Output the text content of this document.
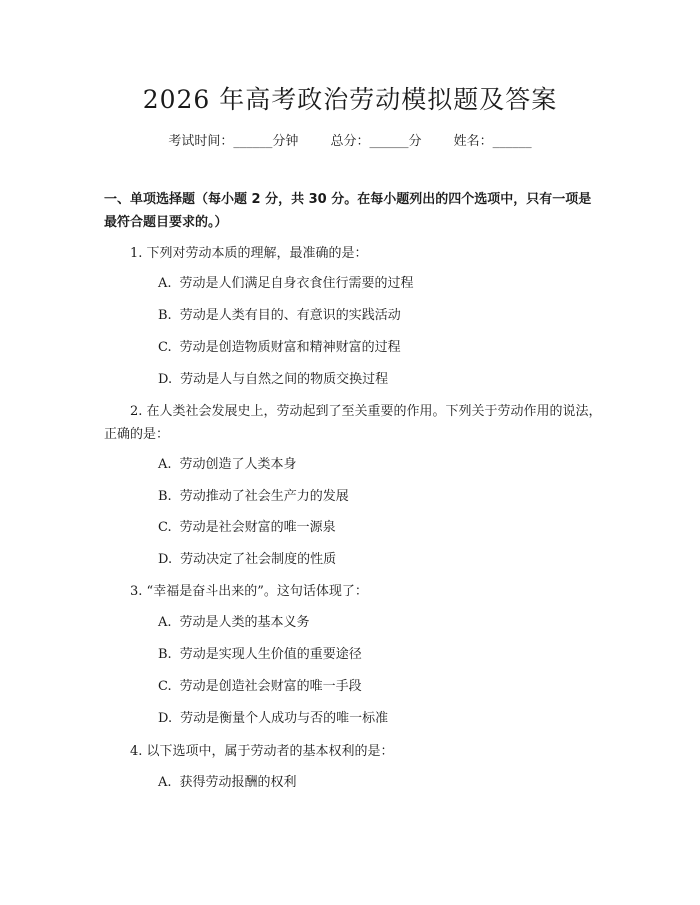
2026 年高考政治劳动模拟题及答案
考试时间：______分钟 总分：______分 姓名：______
一、单项选择题（每小题 2 分，共 30 分。在每小题列出的四个选项中，只有一项是最符合题目要求的。）
1. 下列对劳动本质的理解，最准确的是：
A. 劳动是人们满足自身衣食住行需要的过程
B. 劳动是人类有目的、有意识的实践活动
C. 劳动是创造物质财富和精神财富的过程
D. 劳动是人与自然之间的物质交换过程
2. 在人类社会发展史上，劳动起到了至关重要的作用。下列关于劳动作用的说法，正确的是：
A. 劳动创造了人类本身
B. 劳动推动了社会生产力的发展
C. 劳动是社会财富的唯一源泉
D. 劳动决定了社会制度的性质
3. “幸福是奋斗出来的”。这句话体现了：
A. 劳动是人类的基本义务
B. 劳动是实现人生价值的重要途径
C. 劳动是创造社会财富的唯一手段
D. 劳动是衡量个人成功与否的唯一标准
4. 以下选项中，属于劳动者的基本权利的是：
A. 获得劳动报酬的权利
